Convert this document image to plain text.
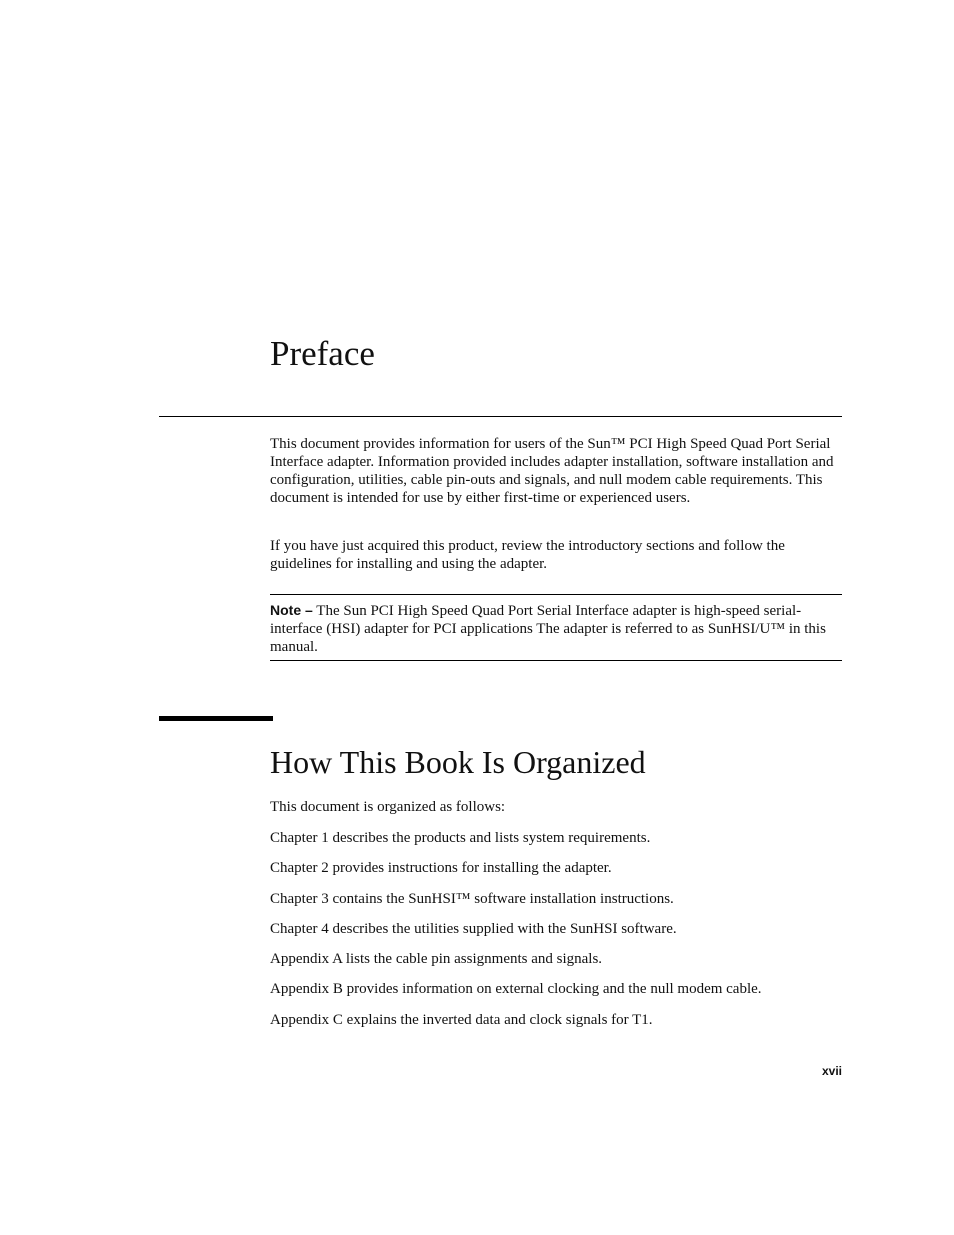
Preface

This document provides information for users of the Sun™ PCI High Speed Quad Port Serial Interface adapter. Information provided includes adapter installation, software installation and configuration, utilities, cable pin-outs and signals, and null modem cable requirements. This document is intended for use by either first-time or experienced users.

If you have just acquired this product, review the introductory sections and follow the guidelines for installing and using the adapter.

Note – The Sun PCI High Speed Quad Port Serial Interface adapter is high-speed serial-interface (HSI) adapter for PCI applications The adapter is referred to as SunHSI/U™ in this manual.

How This Book Is Organized

This document is organized as follows:

Chapter 1 describes the products and lists system requirements.
Chapter 2 provides instructions for installing the adapter.
Chapter 3 contains the SunHSI™ software installation instructions.
Chapter 4 describes the utilities supplied with the SunHSI software.
Appendix A lists the cable pin assignments and signals.
Appendix B provides information on external clocking and the null modem cable.
Appendix C explains the inverted data and clock signals for T1.

xvii
